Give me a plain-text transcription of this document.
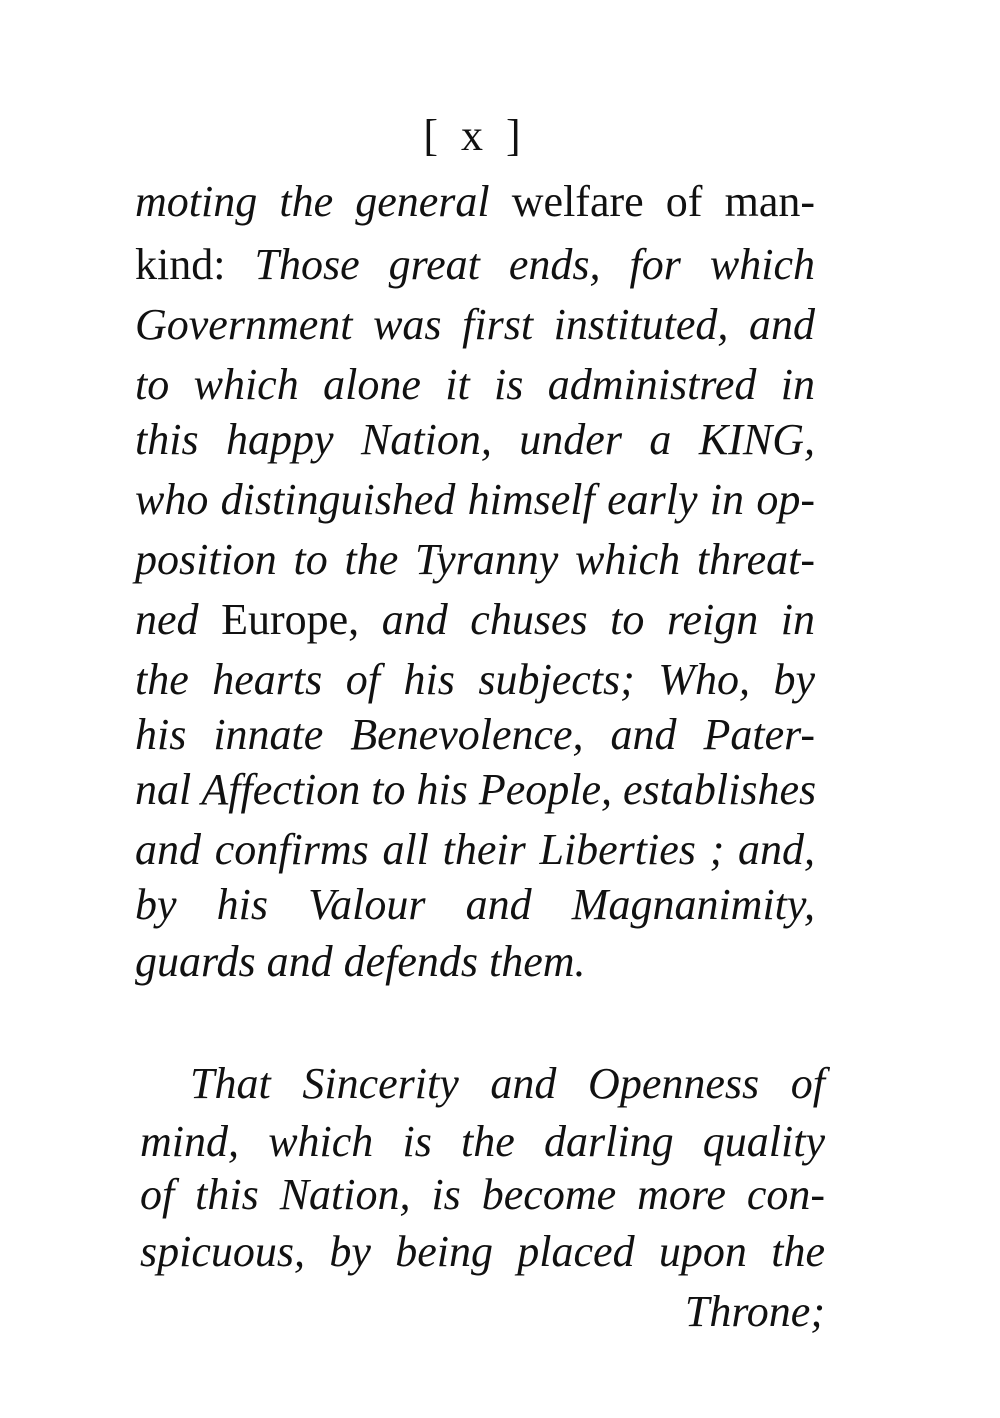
[ x ]
moting the general welfare of man-
kind: Those great ends, for which
Government was first instituted, and
to which alone it is administred in
this happy Nation, under a KING,
who distinguished himself early in op-
position to the Tyranny which threat-
ned Europe, and chuses to reign in
the hearts of his subjects; Who, by
his innate Benevolence, and Pater-
nal Affection to his People, establishes
and confirms all their Liberties ; and,
by his Valour and Magnanimity,
guards and defends them.
That Sincerity and Openness of
mind, which is the darling quality
of this Nation, is become more con-
spicuous, by being placed upon the
Throne;
